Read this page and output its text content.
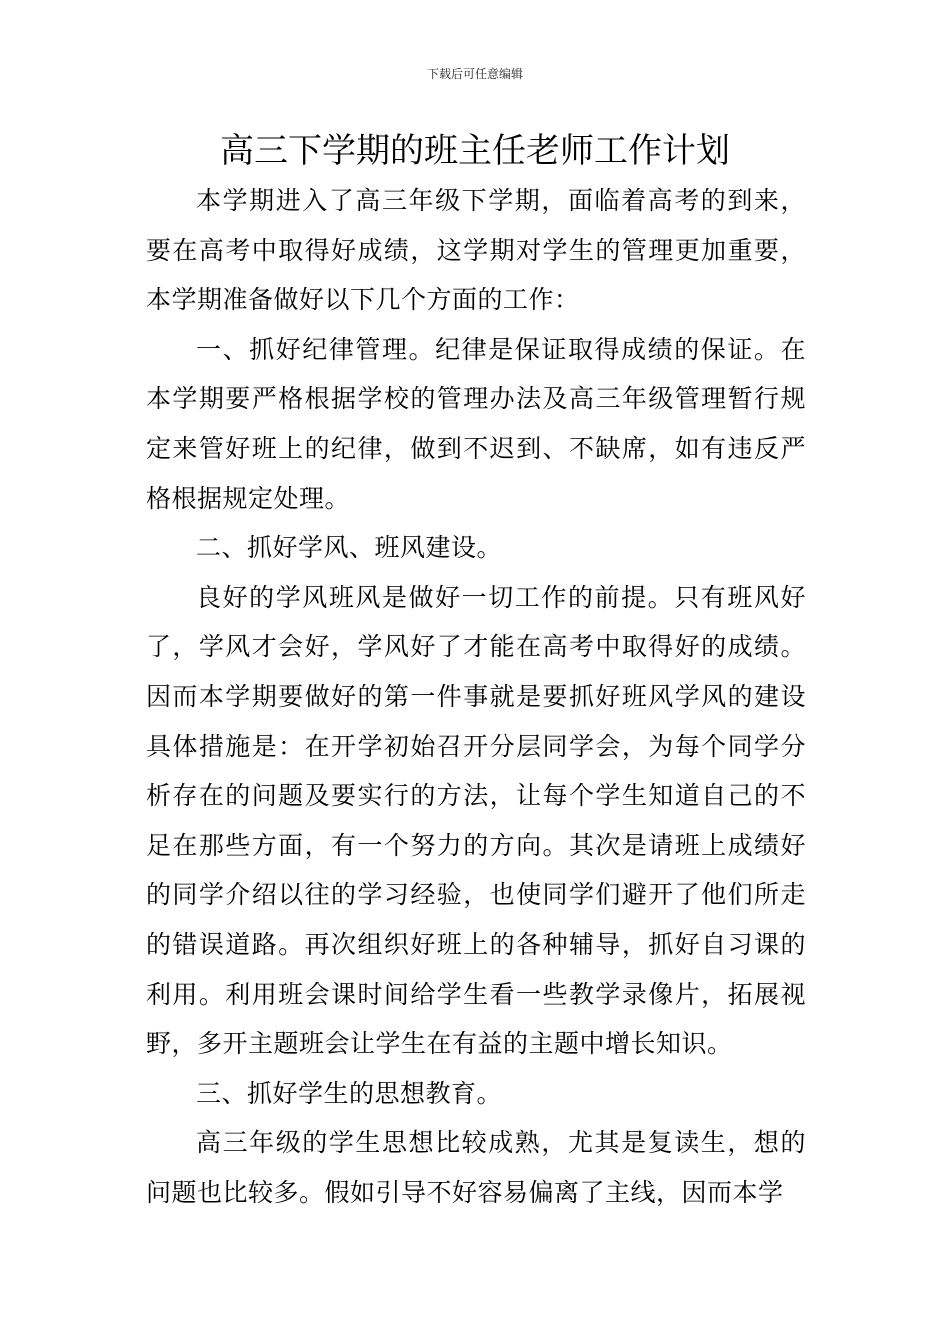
下载后可任意编辑
高三下学期的班主任老师工作计划

本学期进入了高三年级下学期，面临着高考的到来，要在高考中取得好成绩，这学期对学生的管理更加重要，本学期准备做好以下几个方面的工作：

一、抓好纪律管理。纪律是保证取得成绩的保证。在本学期要严格根据学校的管理办法及高三年级管理暂行规定来管好班上的纪律，做到不迟到、不缺席，如有违反严格根据规定处理。

二、抓好学风、班风建设。

良好的学风班风是做好一切工作的前提。只有班风好了，学风才会好，学风好了才能在高考中取得好的成绩。因而本学期要做好的第一件事就是要抓好班风学风的建设具体措施是：在开学初始召开分层同学会，为每个同学分析存在的问题及要实行的方法，让每个学生知道自己的不足在那些方面，有一个努力的方向。其次是请班上成绩好的同学介绍以往的学习经验，也使同学们避开了他们所走的错误道路。再次组织好班上的各种辅导，抓好自习课的利用。利用班会课时间给学生看一些教学录像片，拓展视野，多开主题班会让学生在有益的主题中增长知识。

三、抓好学生的思想教育。

高三年级的学生思想比较成熟，尤其是复读生，想的问题也比较多。假如引导不好容易偏离了主线，因而本学
